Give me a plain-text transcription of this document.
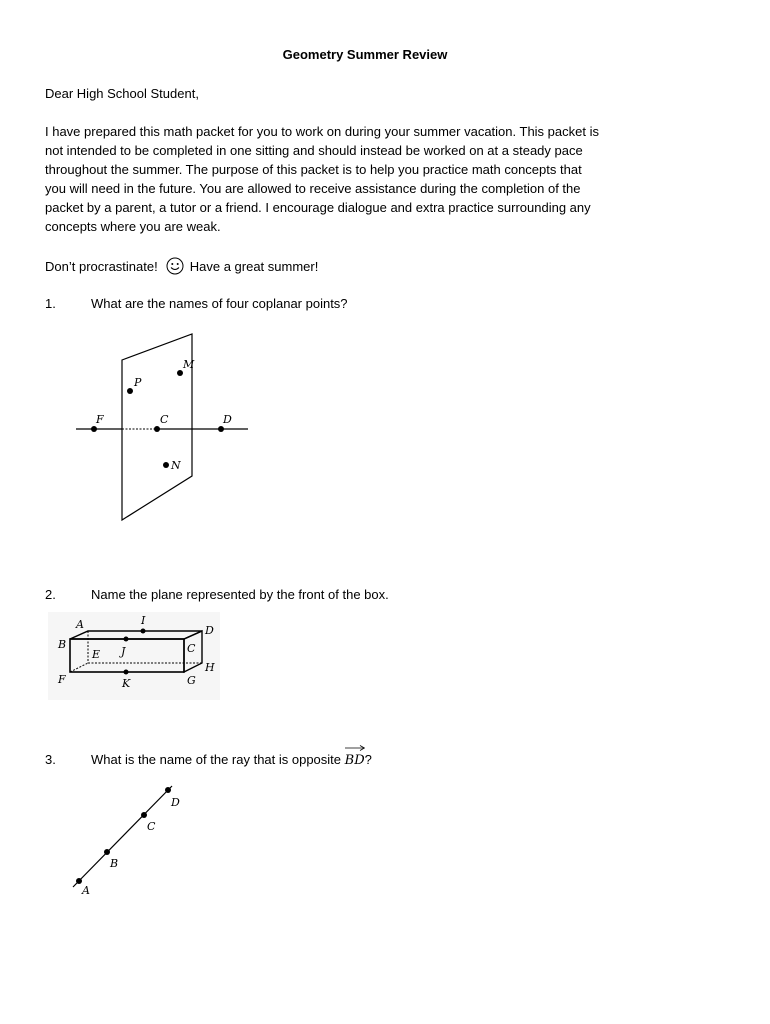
Geometry Summer Review
Dear High School Student,
I have prepared this math packet for you to work on during your summer vacation. This packet is
not intended to be completed in one sitting and should instead be worked on at a steady pace
throughout the summer. The purpose of this packet is to help you practice math concepts that
you will need in the future. You are allowed to receive assistance during the completion of the
packet by a parent, a tutor or a friend. I encourage dialogue and extra practice surrounding any
concepts where you are weak.
Don’t procrastinate! Have a great summer!
1.	What are the names of four coplanar points?
M
P
F	C	D
N
2.	Name the plane represented by the front of the box.
A	I
D
B
E J	C
H
F	K	G
3.	What is the name of the ray that is opposite BD?
D
C
B
A
